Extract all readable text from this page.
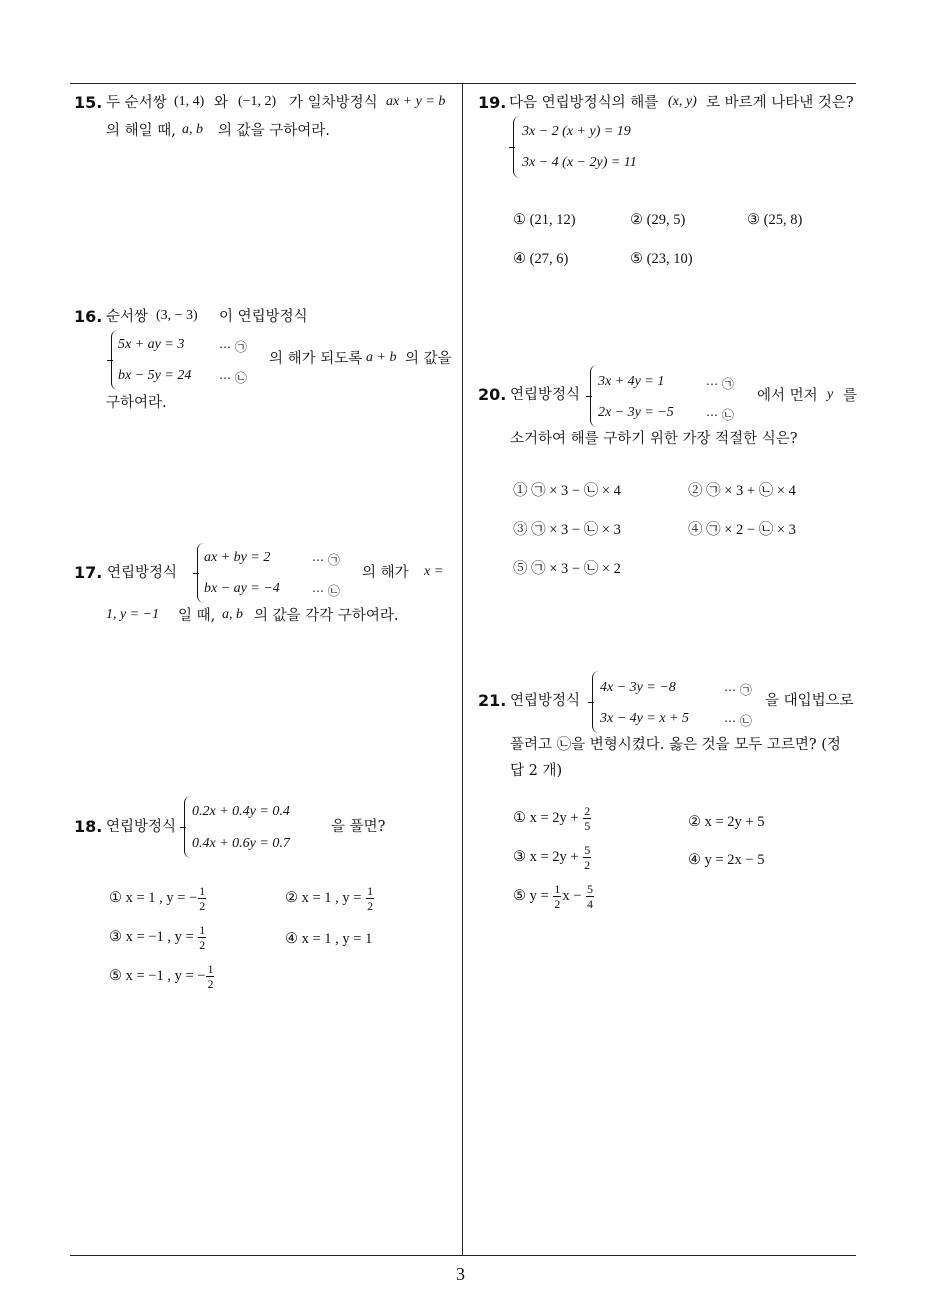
3
15. 두 순서쌍 (1, 4) 와 (−1, 2) 가 일차방정식 ax + y = b
의 해일 때, a, b 의 값을 구하여라.
16. 순서쌍 (3, − 3) 이 연립방정식
5x + ay = 3	⋯ ㉠
bx − 5y = 24 ⋯ ㉡
의 해가 되도록 a + b 의 값을
구하여라.
17. 연립방정식
ax + by = 2	⋯ ㉠
bx − ay = −4	⋯ ㉡
의 해가 x =
1, y = −1 일 때, a, b 의 값을 각각 구하여라.
18. 연립방정식
0.2x + 0.4y = 0.4
0.4x + 0.6y = 0.7
을 풀면?
① x = 1 , y = − $\frac{1}{2}$	② x = 1 , $y = \frac{1}{2}$
③ x = −1 , $y = \frac{1}{2}$	④ x = 1 , y = 1
⑤ x = −1 , y = − $\frac{1}{2}$
19. 다음 연립방정식의 해를 (x, y) 로 바르게 나타낸 것은?
3x − 2 (x + y) = 19
3x − 4 (x − 2y) = 11
① (21, 12)	② (29, 5)	③ (25, 8)
④ (27, 6)	⑤ (23, 10)
20. 연립방정식
3x + 4y = 1	⋯ ㉠
2x − 3y = −5	⋯ ㉡
에서 먼저 y 를
소거하여 해를 구하기 위한 가장 적절한 식은?
① ㉠ × 3 − ㉡ × 4	② ㉠ × 3 + ㉡ × 4
③ ㉠ × 3 − ㉡ × 3	④ ㉠ × 2 − ㉡ × 3
⑤ ㉠ × 3 − ㉡ × 2
21. 연립방정식
4x − 3y = −8	⋯ ㉠
3x − 4y = x + 5	⋯ ㉡
을 대입법으로
풀려고 ㉡을 변형시켰다. 옳은 것을 모두 고르면? (정
답 2 개)
① $x = 2y + \frac{2}{5}$	② x = 2y + 5
③ $x = 2y + \frac{5}{2}$	④ y = 2x − 5
⑤ $y = \frac{1}{2}$ $x - \frac{5}{4}$
